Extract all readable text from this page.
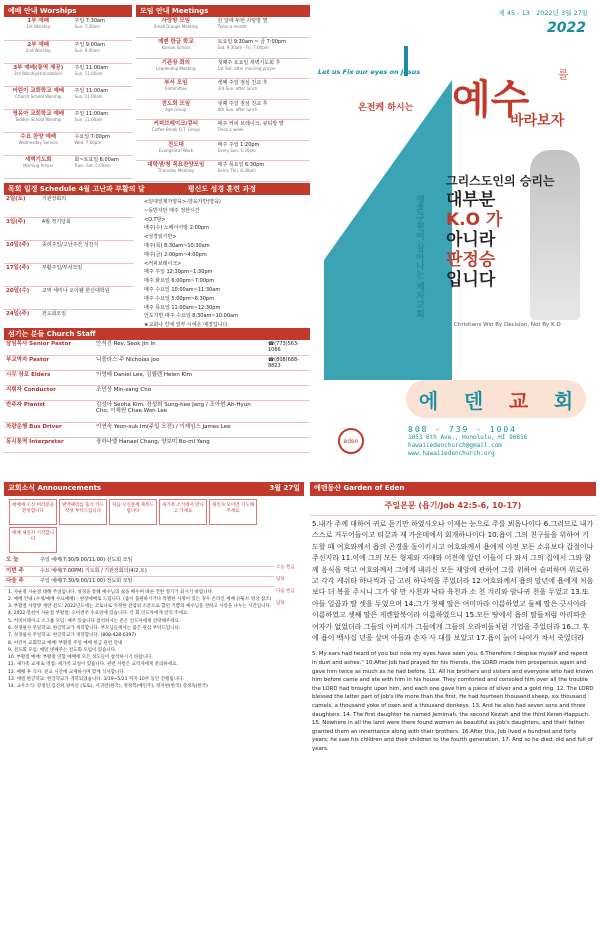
예배 안내 Worships
1부 예배
1st Worship	주일 7:30am
Sun. 7:30am

2부 예배
2nd Worship	주일 9:00am
Sun. 9:00am

3부 예배(통역 제공)
3rd Worship(translation)	주일 11:00am
Sun. 11:00am

어린이 교회학교 예배
Church School Worship	주일 11:00am
Sun. 11:00am

영유아 교회학교 예배
Toddler School Worship	주일 11:00am
Sun. 11:00am

수요 찬양 예배
Wednesday Service	수요일 7:00pm
Wed. 7:00pm

새벽기도회
Morning Prayer	화~토요일 6:00am
Tues.-Sat. 5:00am
모임 안내 Meetings
사랑방 모임
Small Groups Meeting	한 달에 두번 사랑방 별
Twice a month

예덴 한글 학교
Korean School	토요일 9:30am ~ 금 7:00pm
Sat. 9:30am · Fri. 7:00pm

기관장 회의
Leadership Meeting	첫째주 토요일 새벽기도회 후
1st Sat. after morning prayer

부서 모임
Committee	셋째 주일 점심 친교 후
3rd Sun. after lunch

전도회 모임
Age Group	넷째 주일 점심 친교 후
4th Sun. after lunch

커피브레이크/큐티
Coffee Break Q.T. Group	매주 커피 브레이크, 큐티방 별
Once a week

전도대
Evangelical Work	매주 주일 1:20pm
Every Sun. 1:20pm

대학생/청 목요찬양모임
Thursday Meeting	매주 목요일 6:30pm
Every Thu. 6:30pm
목회 일정 Schedule 4월 고난과 부활의 달	평신도 성경 훈련 과정
2일(토)	기관장회의
3일(주)	4월 정기당회
10일(주)	종려주일/고난주간 성찬식
17일(주)	부활주일/부서모임
20일(수)	교역 세미나 오아웰 한신대학원
24일(주)	전도회모임
<일대일제자양육>-양육자반(양육)
~동반자반 매주 정한시간
<O.T방>
매주(수) 노베이아방 2:00pm
<성경읽기반>
매주(목) 8:30am~10:30am
매주(금) 2:00pm~4:00pm
<커피브레이크>
매주 주일 12:30pm~1:30pm
매주 화요일 6:00pm~7:00pm
매주 수요일 10:00am~11:30am
매주 수요일 5:00pm~6:30pm
매주 목요일 11:00am~12:30pm
인도자반 매주 수요일 8:30am~10:00am
★교회나 인에 일부 시에온 예정입니다.
섬기는 분들 Church Staff
담임목사 Senior Pastor	안석진 Rev. Seok Jin In	☎(773)563-1066
부교역자 Pastor	니콜라스 주 Nicholas Joo	☎(808)688-8823
시무 장로 Elders	이영배 Daniel Lee, 김헬렌 Helen Kim	
지휘자 Conductor	조민상 Min-sang Cho	
반주자 Pianist	김성아 Seoha Kim, 장성희 Sung-hee Jang / 조아현 Ah-Hyun Cho, 이채원 Chae Won Lee	
차량운행 Bus Driver	이연숙 Yeon-suk Im(주일 오전) / 이제임스 James Lee	
동시통역 Interpreter	장하나엘 Hanael Chang, 양보미 Bo-mi Yang	
제 45 - 13 2022년 3월 27일
2022
Let us Fix our eyes on Jesus
온전케 하시는 예수
를
바라보자
그리스도인의 승리는
대부분
K.O 가
아니라
판정승
입니다
영혼구원이 살아나는 제자교회
Christians Win By Decision, Not By K.O
에 덴 교 회
eden
808 - 739 - 1004
1053 6th Ave., Honolulu, HI 96816
hawaiiedenchurch@gmail.com
www.hawaiiedenchurch.org
교회소식 Announcements	3월 27일
예배에 오신 여러분을 환영합니다발액팩리를 출석 카드 작성 부탁드립니다처음 오신분께 축복드립니다새가족 소식에서 만나고 가세요새신자 모이면 기도해 주세요예배 새신자 시작합니다
오 늘	주일 예배(7:30/9:00/11:00) 전도회 모임
이번 주	수요 예배(7:00PM) 기도회 / 기관장회의(4/2,토)
다음 주	주일 예배(7:30/9:00/11:00) 전도회 모임
오늘 헌금
담당
다음 헌금
담당

1. 사순절 시순절 대해 주일입니다. 성경을 통해 예수님의 삶을 배우며 따른 진한 절기가 되시기 바랍니다.

2. 예배 안내 (수정/예배 수요예배) - 현장예배로 드립니다. (줌이 불편하시거나 특별한 사정이 있는 경우 온라인 예배 유튜브 영상 참조)

3. 부활절 사랑방 계란 전도: 2022년도에는 코로나로 지정한 전염의 소문으로 함된 기쁨의 예수님을 전하고 사랑을 나누는 시간입니다.

4. 2022 봉헌이 사순절 부활절: 오이번주 수요일에 있습니다. 각 회 인도자에게 알리 주세요.

5. 커비브레이크 소그룹 모임: 매주 있습니다 참석하시는 분은 인도자에게 연락해주세요.

6. 성경필사 주일학교: 한글학교가 개학합니다. 부모님들께서는 많은 관심 부탁드립니다.

7. 성경필사 주일학교: 한글학교가 개학합니다. (808-428-6397)

8. 어린이 교회학교 예배: 부활절 주일 예배 헌금 관련 안내

9. 전도회 모임: 매달 넷째주는 전도회 모임이 있습니다.

10. 부활절 예배: 부활절 연합 예배에 모든 성도들이 참석하시기 바랍니다.

11. 새가족 교제 & 영접: 새가족 교실이 있습니다. 관련 사항은 교역자에게 문의하세요.

12. 예배 후 식사: 친교 시간에 교제하시며 함께 식사합니다.

13. 에덴 한글학교: 한글학교가 개학되었습니다. 3/19~5/21 까지 10주 동안 진행됩니다.

14. 교우소식: 강정인,김진희,양미선 (토토), 서귀련(한국), 정정복(메인주), 정지현(한국) 강정독(한국)

에덴동산 Garden of Eden
주일본문 (욥기/Job 42:5-6, 10-17)

5.내가 주께 대하여 귀로 듣기만 하였사오나 이제는 눈으로 주를 뵈옵나이다 6.그러므로 내가 스스로 거두어들이고 티끌과 재 가운데에서 회개하나이다 10.욥이 그의 친구들을 위하여 기도할 때 여호와께서 욥의 곤경을 돌이키시고 여호와께서 욥에게 이전 모든 소유보다 갑절이나 주신지라 11.이에 그의 모든 형제와 자매와 이전에 알던 이들이 다 와서 그의 집에서 그와 함께 음식을 먹고 여호와께서 그에게 내리신 모든 재앙에 관하여 그를 위하여 슬퍼하며 위로하고 각각 케쉬타 하나씩과 금 고리 하나씩을 주었더라 12.여호와께서 욥의 말년에 욥에게 처음보다 더 복을 주시니 그가 양 만 사천과 낙타 육천과 소 천 겨리와 암나귀 천을 두었고 13.또 아들 일곱과 딸 셋을 두었으며 14.그가 첫째 딸은 여미마라 이름하였고 둘째 딸은 긋시아라 이름하였고 셋째 딸은 게렌합북이라 이름하였으니 15.모든 땅에서 욥의 딸들처럼 아리따운 여자가 없었더라 그들의 아버지가 그들에게 그들의 오라비들처럼 기업을 주었더라 16.그 후에 욥이 백사십 년을 살며 아들과 손자 사 대를 보았고 17.욥이 늙어 나이가 차서 죽었더라

5. My ears had heard of you but now my eyes have seen you. 6.Therefore I despise myself and repent in dust and ashes." 10.After Job had prayed for his friends, the LORD made him prosperous again and gave him twice as much as he had before. 11. All his brothers and sisters and everyone who had known him before came and ate with him in his house. They comforted and consoled him over all the trouble the LORD had brought upon him, and each one gave him a piece of silver and a gold ring. 12. The LORD blessed the latter part of Job's life more than the first. He had fourteen thousand sheep, six thousand camels, a thousand yoke of oxen and a thousand donkeys. 13. And he also had seven sons and three daughters. 14. The first daughter he named Jemimah, the second Keziah and the third Keren-Happuch. 15. Nowhere in all the land were there found women as beautiful as Job's daughters, and their father granted them an inheritance along with their brothers. 16.After this, Job lived a hundred and forty years; he saw his children and their children to the fourth generation. 17. And so he died, old and full of years.
